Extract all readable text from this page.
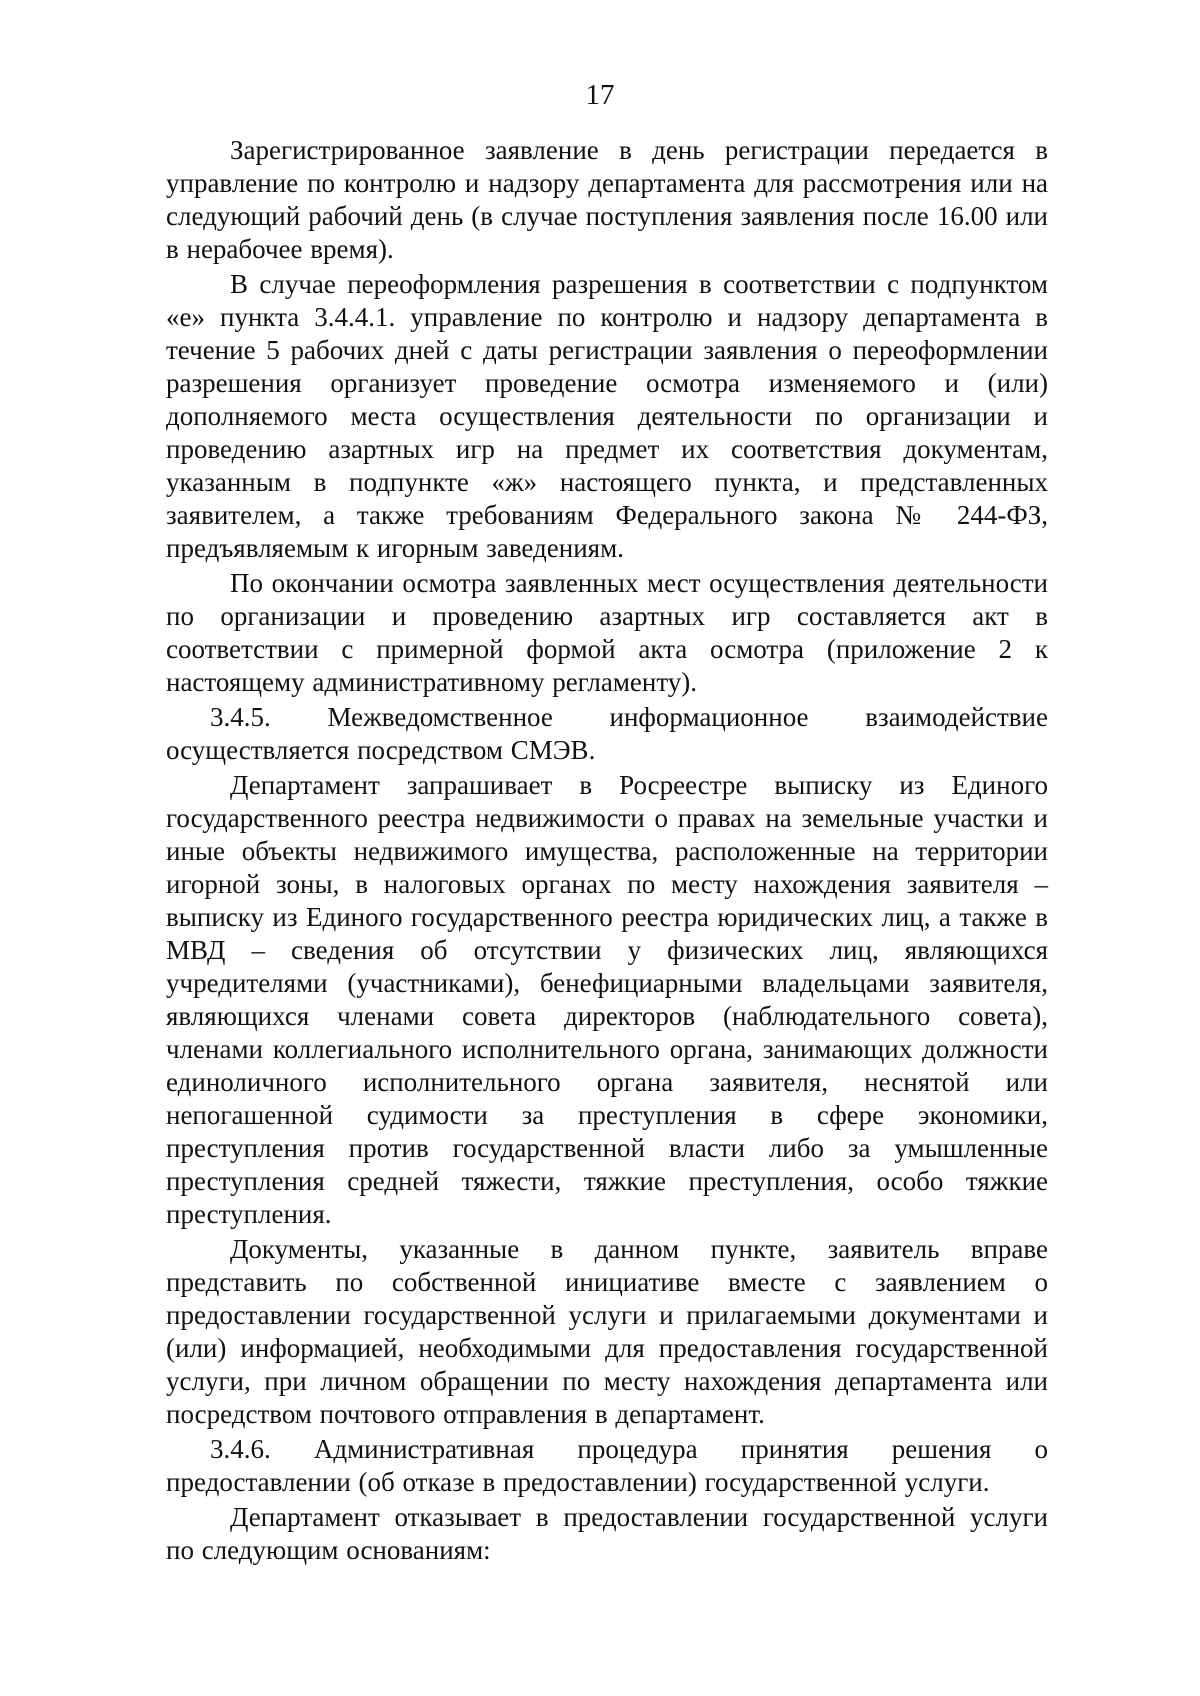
17

Зарегистрированное заявление в день регистрации передается в управление по контролю и надзору департамента для рассмотрения или на следующий рабочий день (в случае поступления заявления после 16.00 или в нерабочее время).

В случае переоформления разрешения в соответствии с подпунктом «е» пункта 3.4.4.1. управление по контролю и надзору департамента в течение 5 рабочих дней с даты регистрации заявления о переоформлении разрешения организует проведение осмотра изменяемого и (или) дополняемого места осуществления деятельности по организации и проведению азартных игр на предмет их соответствия документам, указанным в подпункте «ж» настоящего пункта, и представленных заявителем, а также требованиям Федерального закона № 244-ФЗ, предъявляемым к игорным заведениям.

По окончании осмотра заявленных мест осуществления деятельности по организации и проведению азартных игр составляется акт в соответствии с примерной формой акта осмотра (приложение 2 к настоящему административному регламенту).

3.4.5. Межведомственное информационное взаимодействие осуществляется посредством СМЭВ.

Департамент запрашивает в Росреестре выписку из Единого государственного реестра недвижимости о правах на земельные участки и иные объекты недвижимого имущества, расположенные на территории игорной зоны, в налоговых органах по месту нахождения заявителя – выписку из Единого государственного реестра юридических лиц, а также в МВД – сведения об отсутствии у физических лиц, являющихся учредителями (участниками), бенефициарными владельцами заявителя, являющихся членами совета директоров (наблюдательного совета), членами коллегиального исполнительного органа, занимающих должности единоличного исполнительного органа заявителя, неснятой или непогашенной судимости за преступления в сфере экономики, преступления против государственной власти либо за умышленные преступления средней тяжести, тяжкие преступления, особо тяжкие преступления.

Документы, указанные в данном пункте, заявитель вправе представить по собственной инициативе вместе с заявлением о предоставлении государственной услуги и прилагаемыми документами и (или) информацией, необходимыми для предоставления государственной услуги, при личном обращении по месту нахождения департамента или посредством почтового отправления в департамент.

3.4.6. Административная процедура принятия решения о предоставлении (об отказе в предоставлении) государственной услуги.

Департамент отказывает в предоставлении государственной услуги по следующим основаниям:
